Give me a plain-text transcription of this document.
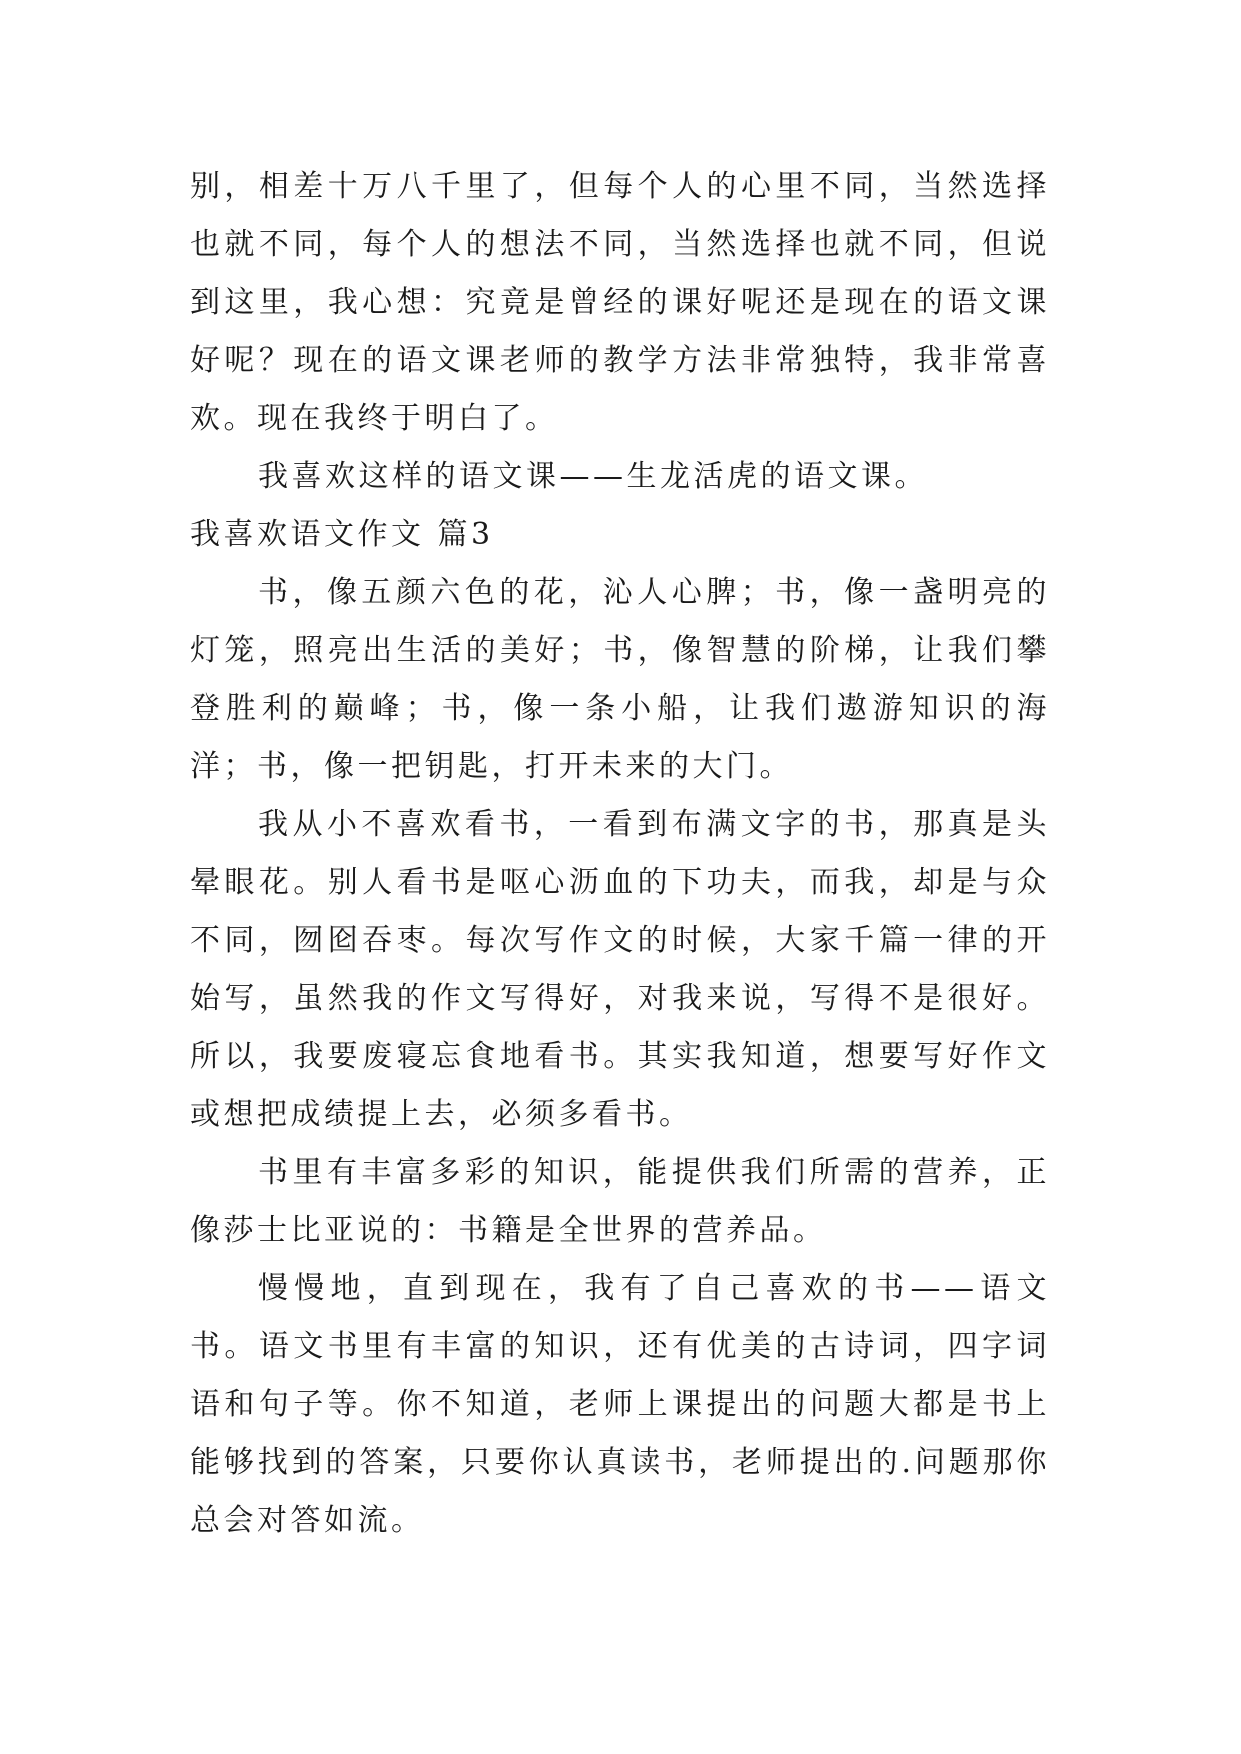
别，相差十万八千里了，但每个人的心里不同，当然选择也就不同，每个人的想法不同，当然选择也就不同，但说到这里，我心想：究竟是曾经的课好呢还是现在的语文课好呢？现在的语文课老师的教学方法非常独特，我非常喜欢。现在我终于明白了。

我喜欢这样的语文课——生龙活虎的语文课。

我喜欢语文作文 篇3

书，像五颜六色的花，沁人心脾；书，像一盏明亮的灯笼，照亮出生活的美好；书，像智慧的阶梯，让我们攀登胜利的巅峰；书，像一条小船，让我们遨游知识的海洋；书，像一把钥匙，打开未来的大门。

我从小不喜欢看书，一看到布满文字的书，那真是头晕眼花。别人看书是呕心沥血的下功夫，而我，却是与众不同，囫囵吞枣。每次写作文的时候，大家千篇一律的开始写，虽然我的作文写得好，对我来说，写得不是很好。所以，我要废寝忘食地看书。其实我知道，想要写好作文或想把成绩提上去，必须多看书。

书里有丰富多彩的知识，能提供我们所需的营养，正像莎士比亚说的：书籍是全世界的营养品。

慢慢地，直到现在，我有了自己喜欢的书——语文书。语文书里有丰富的知识，还有优美的古诗词，四字词语和句子等。你不知道，老师上课提出的问题大都是书上能够找到的答案，只要你认真读书，老师提出的.问题那你总会对答如流。
